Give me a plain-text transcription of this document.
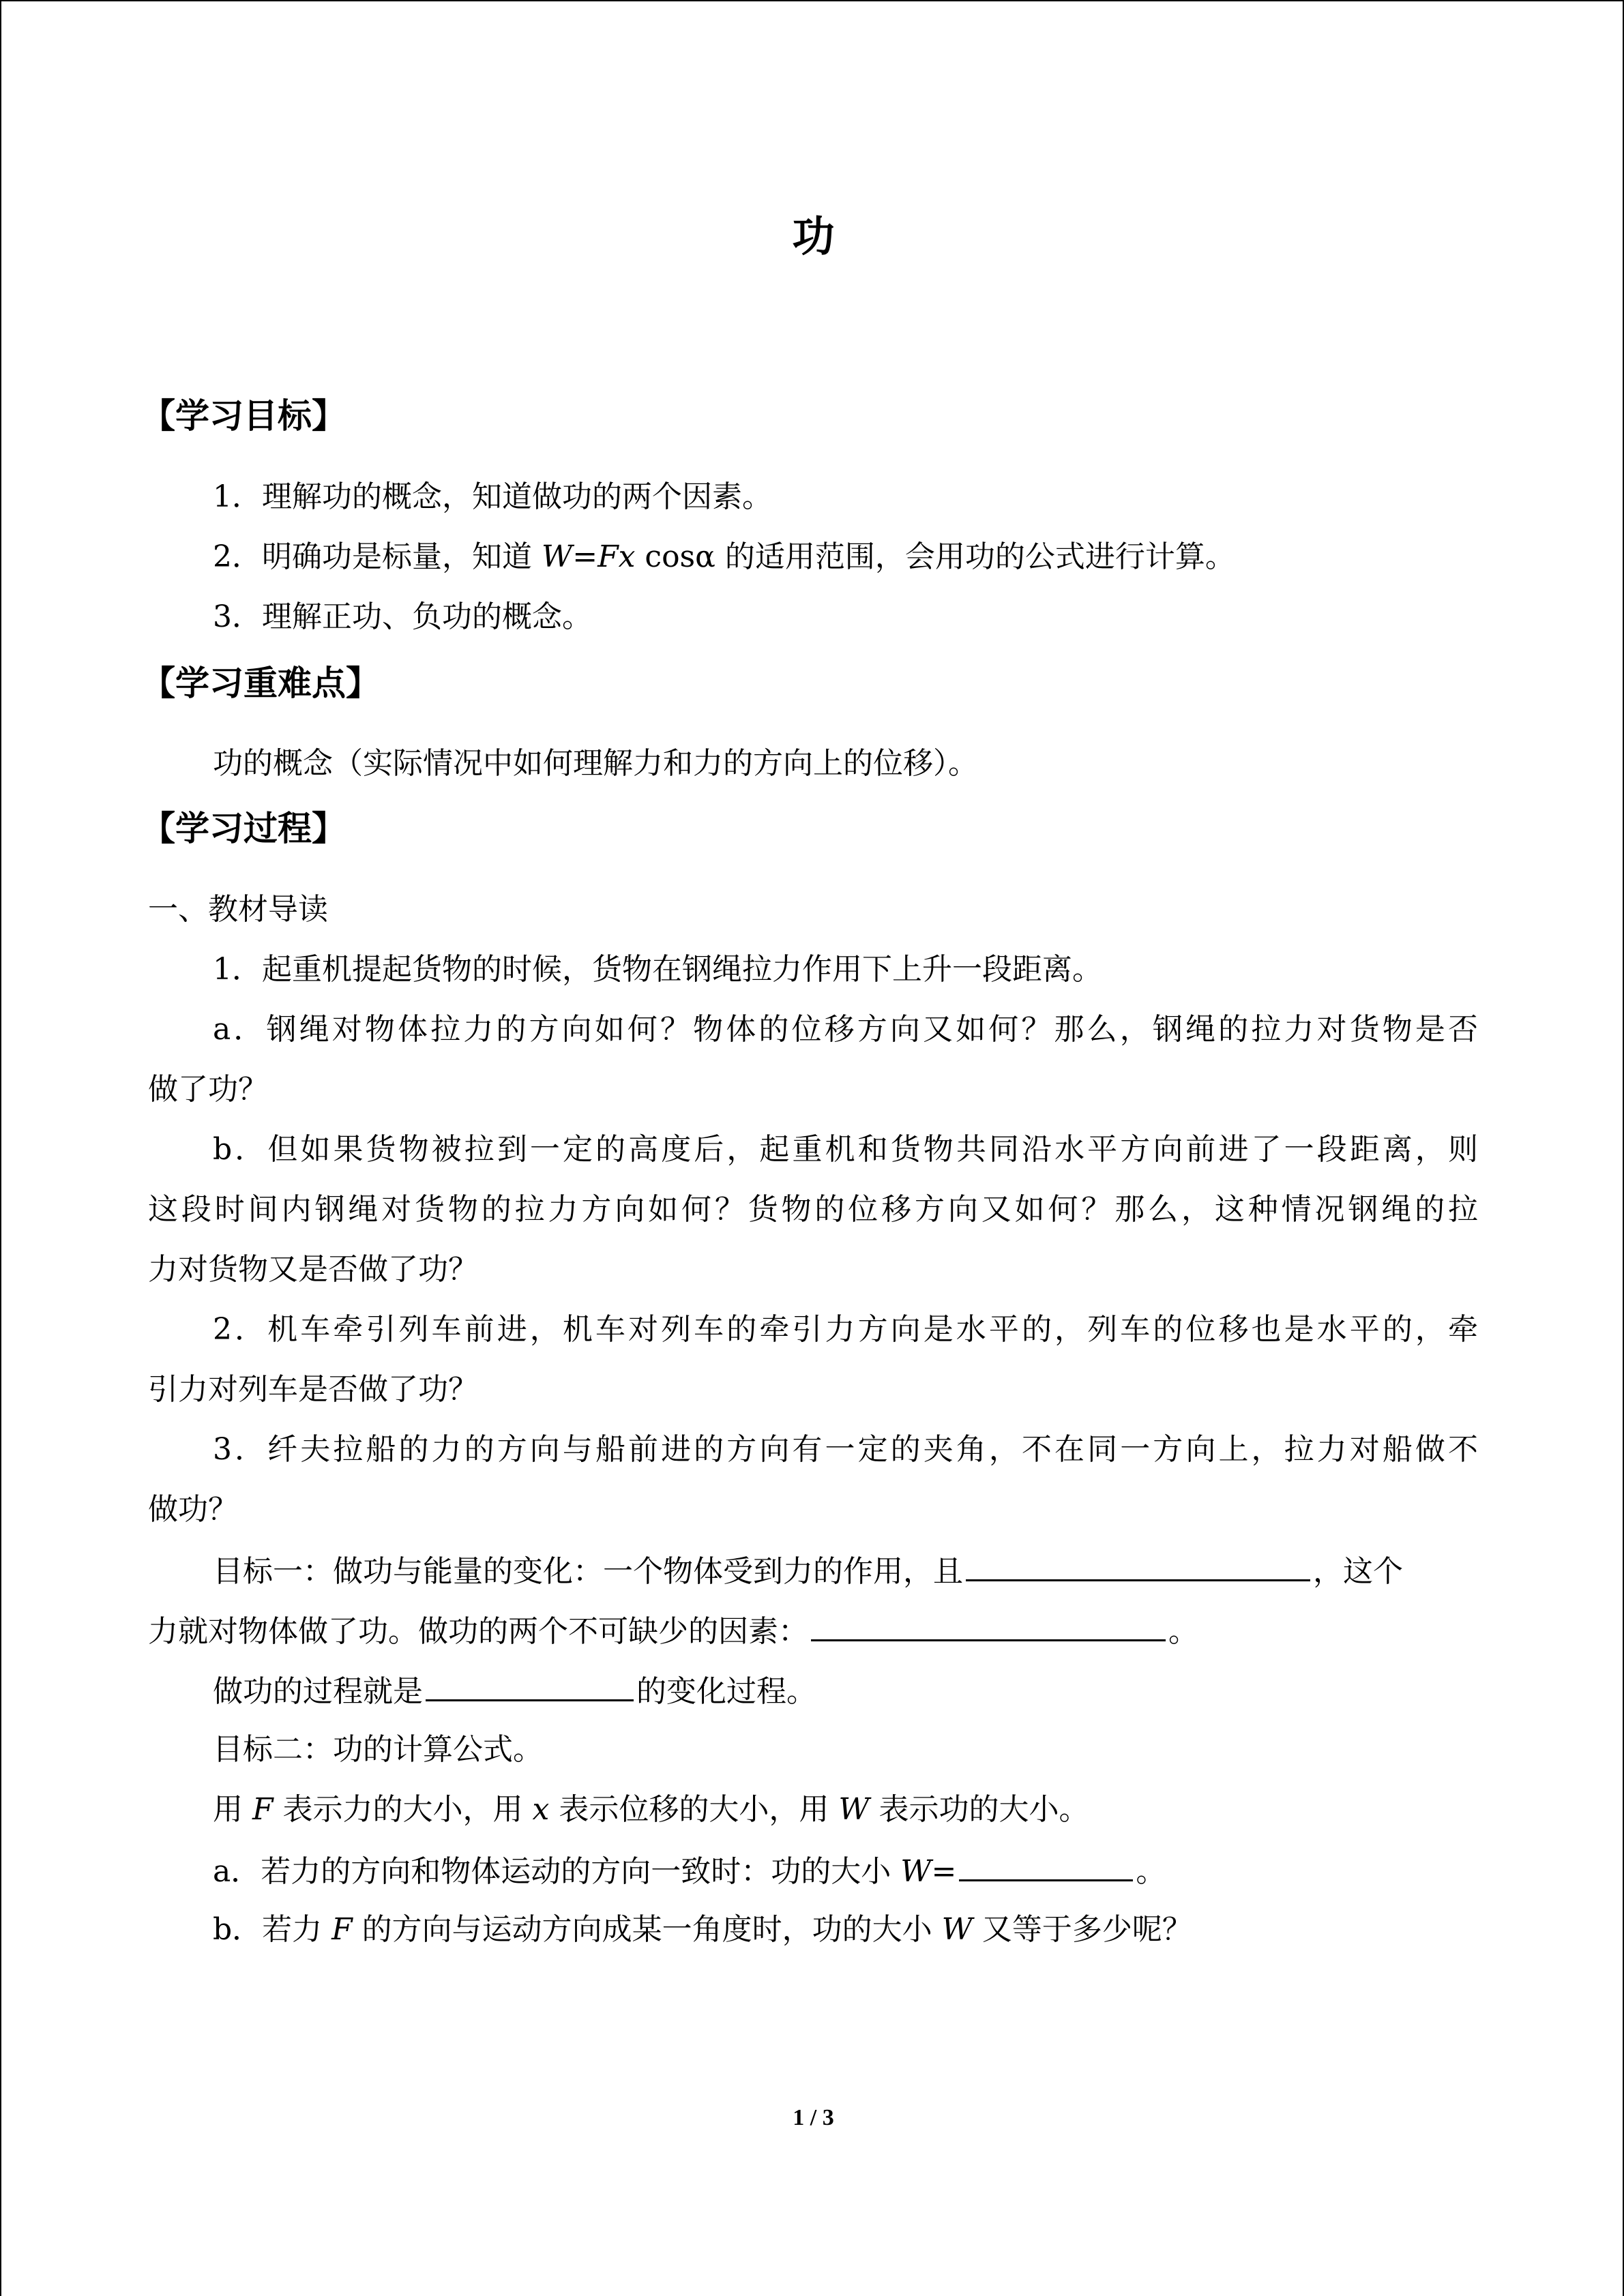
功
【学习目标】
1．理解功的概念，知道做功的两个因素。
2．明确功是标量，知道 W=Fx cosα 的适用范围，会用功的公式进行计算。
3．理解正功、负功的概念。
【学习重难点】
功的概念（实际情况中如何理解力和力的方向上的位移）。
【学习过程】
一、教材导读
1．起重机提起货物的时候，货物在钢绳拉力作用下上升一段距离。
a．钢绳对物体拉力的方向如何？物体的位移方向又如何？那么，钢绳的拉力对货物是否
做了功？
b．但如果货物被拉到一定的高度后，起重机和货物共同沿水平方向前进了一段距离，则
这段时间内钢绳对货物的拉力方向如何？货物的位移方向又如何？那么，这种情况钢绳的拉
力对货物又是否做了功？
2．机车牵引列车前进，机车对列车的牵引力方向是水平的，列车的位移也是水平的，牵
引力对列车是否做了功？
3．纤夫拉船的力的方向与船前进的方向有一定的夹角，不在同一方向上，拉力对船做不
做功？
目标一：做功与能量的变化：一个物体受到力的作用，且	，这个
力就对物体做了功。做功的两个不可缺少的因素：	。
做功的过程就是	的变化过程。
目标二：功的计算公式。
用 F 表示力的大小，用 x 表示位移的大小，用 W 表示功的大小。
a．若力的方向和物体运动的方向一致时：功的大小 W=	。
b．若力 F 的方向与运动方向成某一角度时，功的大小 W 又等于多少呢？
1 / 3
